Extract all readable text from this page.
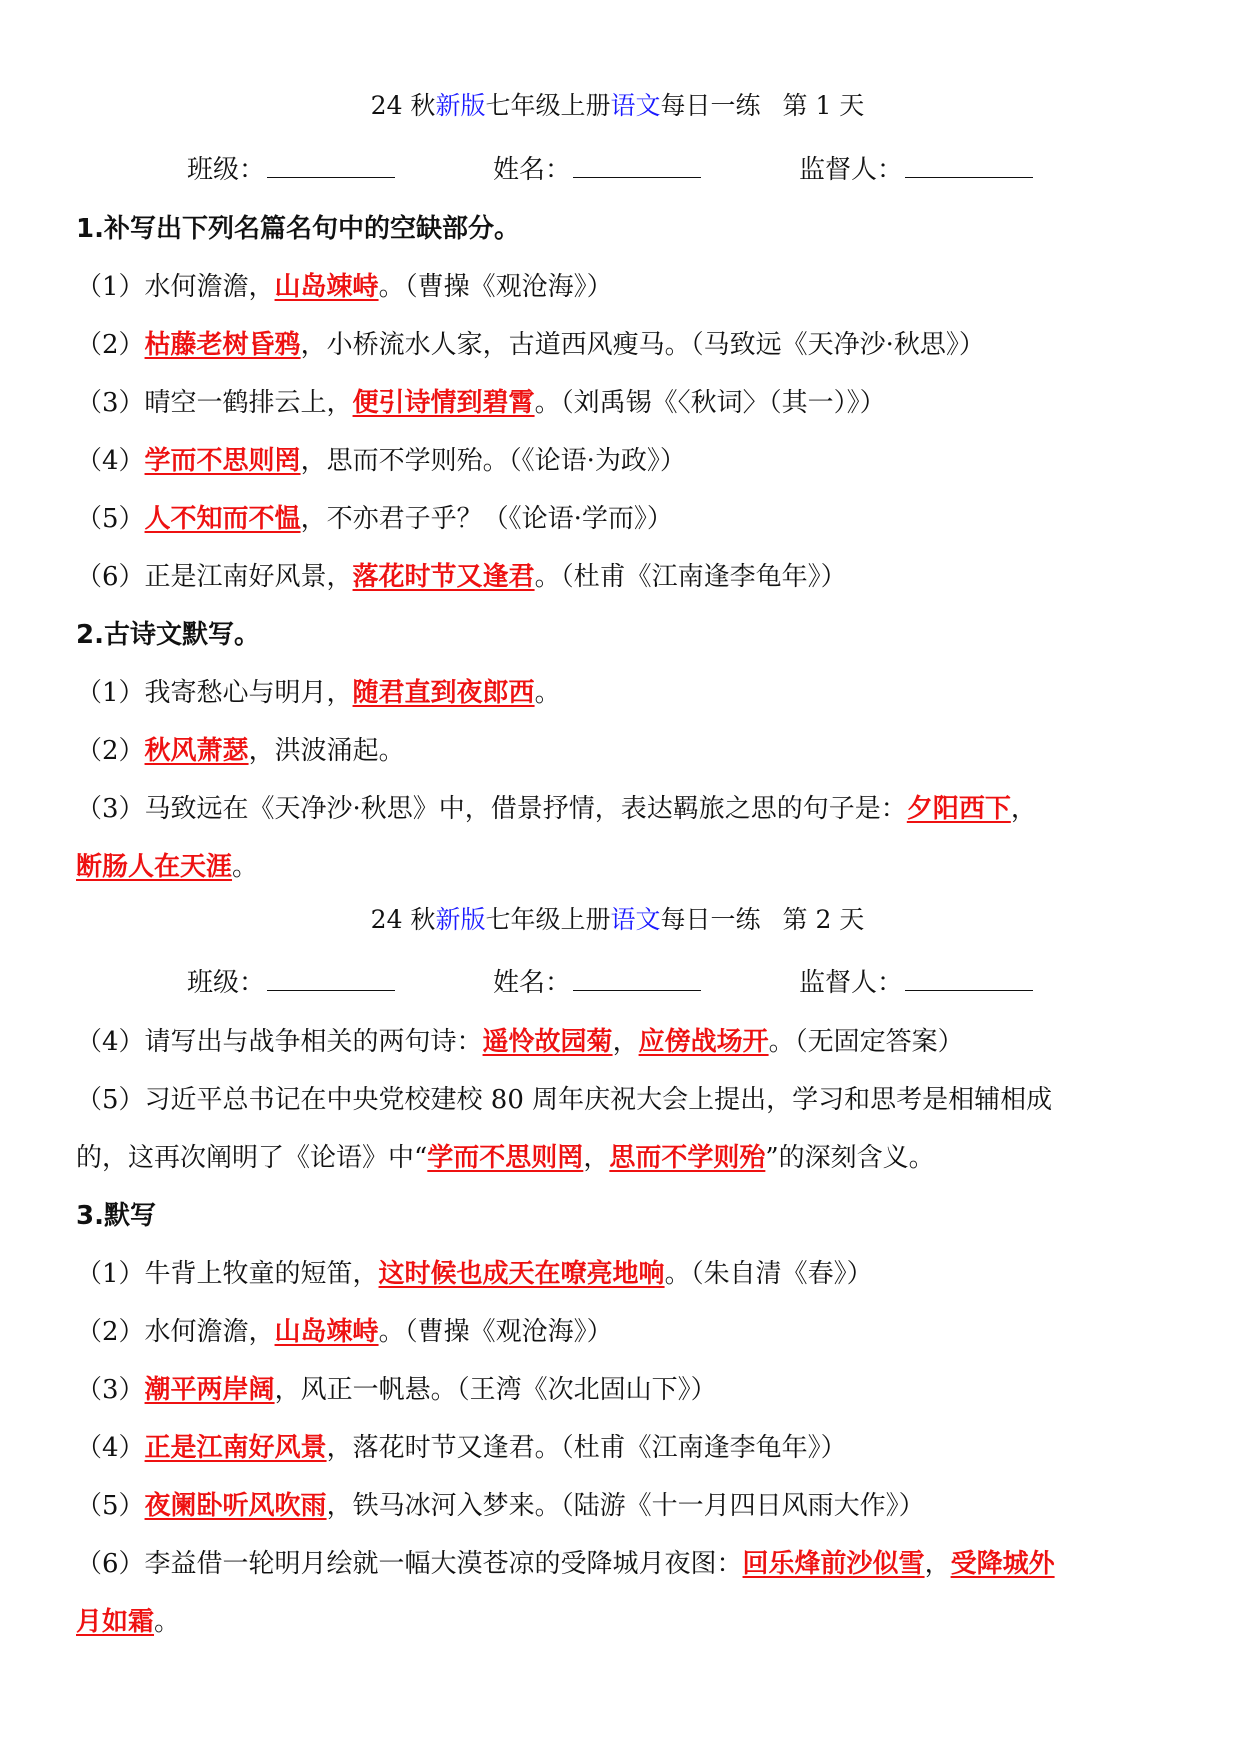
24 秋新版七年级上册语文每日一练 第 1 天
班级：	姓名：	监督人：
1.补写出下列名篇名句中的空缺部分。
（1）水何澹澹，山岛竦峙。（曹操《观沧海》）
（2）枯藤老树昏鸦，小桥流水人家，古道西风瘦马。（马致远《天净沙·秋思》）
（3）晴空一鹤排云上，便引诗情到碧霄。（刘禹锡《〈秋词〉（其一）》）
（4）学而不思则罔，思而不学则殆。（《论语·为政》）
（5）人不知而不愠，不亦君子乎？（《论语·学而》）
（6）正是江南好风景，落花时节又逢君。（杜甫《江南逢李龟年》）
2.古诗文默写。
（1）我寄愁心与明月，随君直到夜郎西。
（2）秋风萧瑟，洪波涌起。
（3）马致远在《天净沙·秋思》中，借景抒情，表达羁旅之思的句子是：夕阳西下，
断肠人在天涯。
24 秋新版七年级上册语文每日一练 第 2 天
班级：	姓名：	监督人：
（4）请写出与战争相关的两句诗：遥怜故园菊，应傍战场开。（无固定答案）
（5）习近平总书记在中央党校建校 80 周年庆祝大会上提出，学习和思考是相辅相成
的，这再次阐明了《论语》中“学而不思则罔，思而不学则殆”的深刻含义。
3.默写
（1）牛背上牧童的短笛，这时候也成天在嘹亮地响。（朱自清《春》）
（2）水何澹澹，山岛竦峙。（曹操《观沧海》）
（3）潮平两岸阔，风正一帆悬。（王湾《次北固山下》）
（4）正是江南好风景，落花时节又逢君。（杜甫《江南逢李龟年》）
（5）夜阑卧听风吹雨，铁马冰河入梦来。（陆游《十一月四日风雨大作》）
（6）李益借一轮明月绘就一幅大漠苍凉的受降城月夜图：回乐烽前沙似雪，受降城外
月如霜。
